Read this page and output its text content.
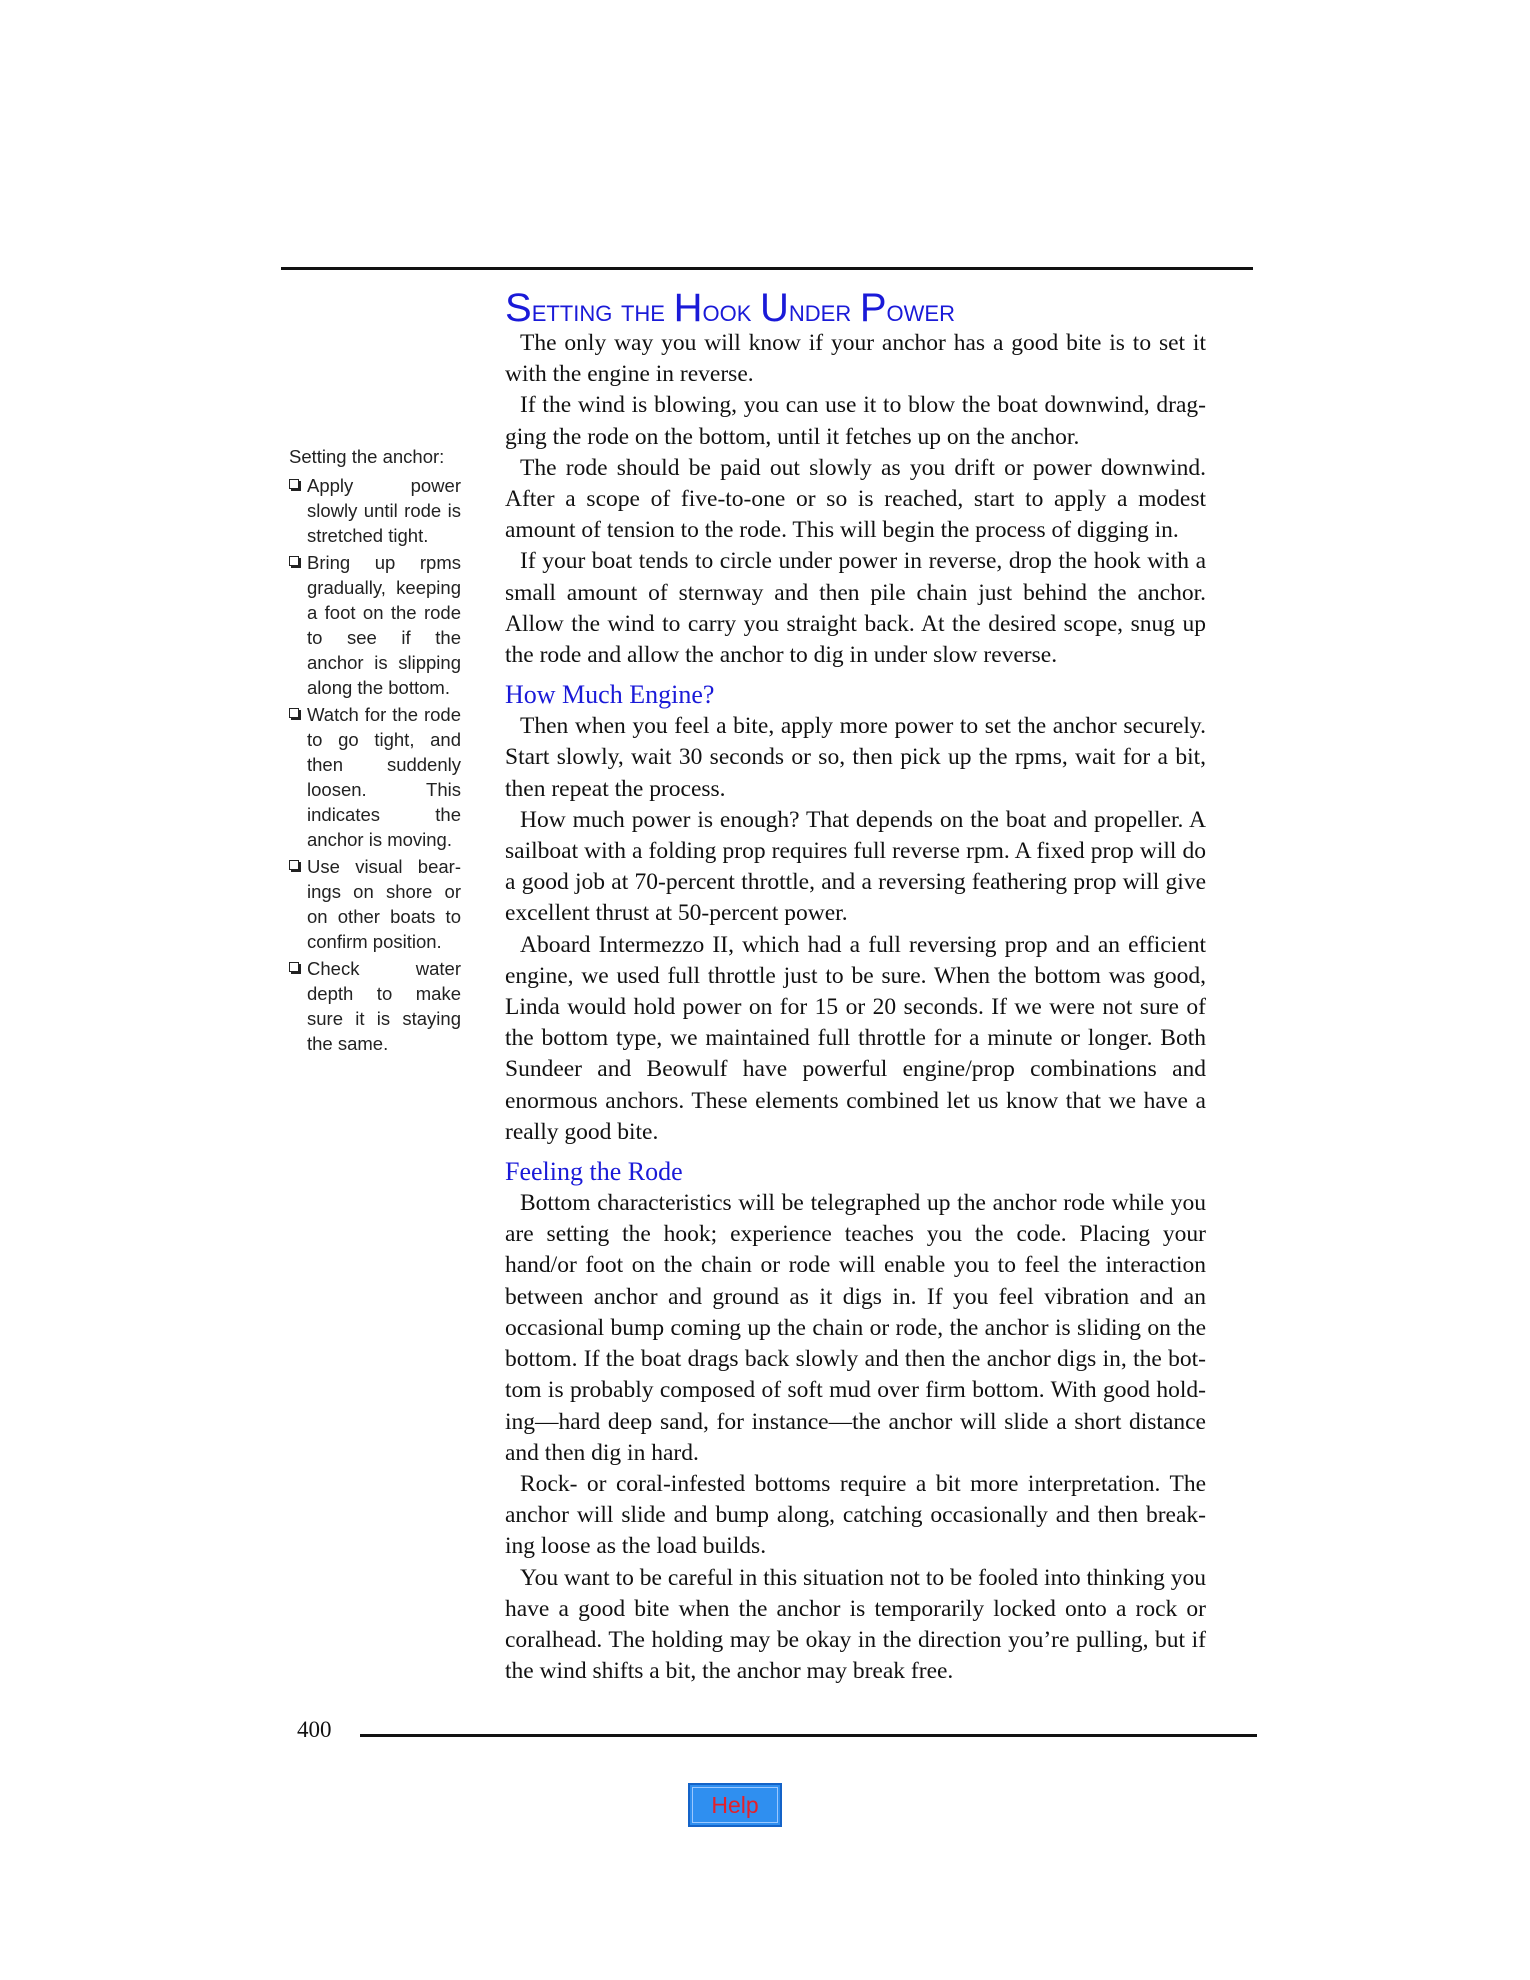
Setting the Hook Under Power
Setting the anchor:
Apply power slowly until rode is stretched tight.
Bring up rpms gradually, keeping a foot on the rode to see if the anchor is slipping along the bottom.
Watch for the rode to go tight, and then suddenly loosen. This indicates the anchor is moving.
Use visual bearings on shore or on other boats to confirm position.
Check water depth to make sure it is staying the same.

The only way you will know if your anchor has a good bite is to set it with the engine in reverse.

If the wind is blowing, you can use it to blow the boat downwind, dragging the rode on the bottom, until it fetches up on the anchor.

The rode should be paid out slowly as you drift or power downwind. After a scope of five-to-one or so is reached, start to apply a modest amount of tension to the rode. This will begin the process of digging in.

If your boat tends to circle under power in reverse, drop the hook with a small amount of sternway and then pile chain just behind the anchor. Allow the wind to carry you straight back. At the desired scope, snug up the rode and allow the anchor to dig in under slow reverse.

How Much Engine?

Then when you feel a bite, apply more power to set the anchor securely. Start slowly, wait 30 seconds or so, then pick up the rpms, wait for a bit, then repeat the process.

How much power is enough? That depends on the boat and propeller. A sailboat with a folding prop requires full reverse rpm. A fixed prop will do a good job at 70-percent throttle, and a reversing feathering prop will give excellent thrust at 50-percent power.

Aboard Intermezzo II, which had a full reversing prop and an efficient engine, we used full throttle just to be sure. When the bottom was good, Linda would hold power on for 15 or 20 seconds. If we were not sure of the bottom type, we maintained full throttle for a minute or longer. Both Sundeer and Beowulf have powerful engine/prop combinations and enormous anchors. These elements combined let us know that we have a really good bite.

Feeling the Rode

Bottom characteristics will be telegraphed up the anchor rode while you are setting the hook; experience teaches you the code. Placing your hand/or foot on the chain or rode will enable you to feel the interaction between anchor and ground as it digs in. If you feel vibration and an occasional bump coming up the chain or rode, the anchor is sliding on the bottom. If the boat drags back slowly and then the anchor digs in, the bottom is probably composed of soft mud over firm bottom. With good holding—hard deep sand, for instance—the anchor will slide a short distance and then dig in hard.

Rock- or coral-infested bottoms require a bit more interpretation. The anchor will slide and bump along, catching occasionally and then breaking loose as the load builds.

You want to be careful in this situation not to be fooled into thinking you have a good bite when the anchor is temporarily locked onto a rock or coralhead. The holding may be okay in the direction you’re pulling, but if the wind shifts a bit, the anchor may break free.

400
Help
